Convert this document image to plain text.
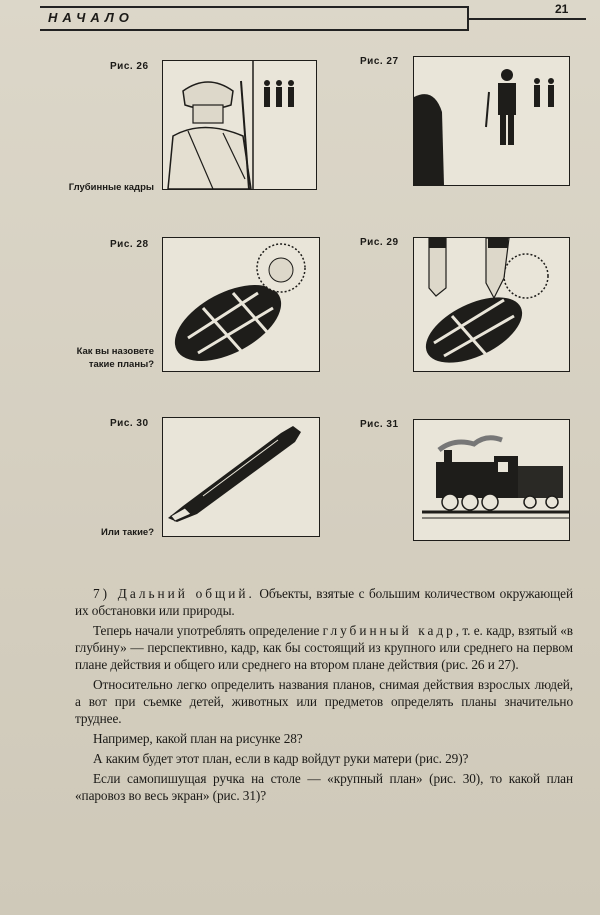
НАЧАЛО
21
Рис. 26
Глубинные кадры
Рис. 27
Рис. 28
Как вы назовете
такие планы?
Рис. 29
Рис. 30
Или такие?
Рис. 31

7) Дальний общий. Объекты, взятые с большим количеством окружающей их обстановки или природы.

Теперь начали употреблять определение глубинный кадр, т. е. кадр, взятый «в глубину» — перспективно, кадр, как бы состоящий из крупного или среднего на первом плане действия и общего или среднего на втором плане действия (рис. 26 и 27).

Относительно легко определить названия планов, снимая действия взрослых людей, а вот при съемке детей, животных или предметов определять планы значительно труднее.

Например, какой план на рисунке 28?

А каким будет этот план, если в кадр войдут руки матери (рис. 29)?

Если самопишущая ручка на столе — «крупный план» (рис. 30), то какой план «паровоз во весь экран» (рис. 31)?
